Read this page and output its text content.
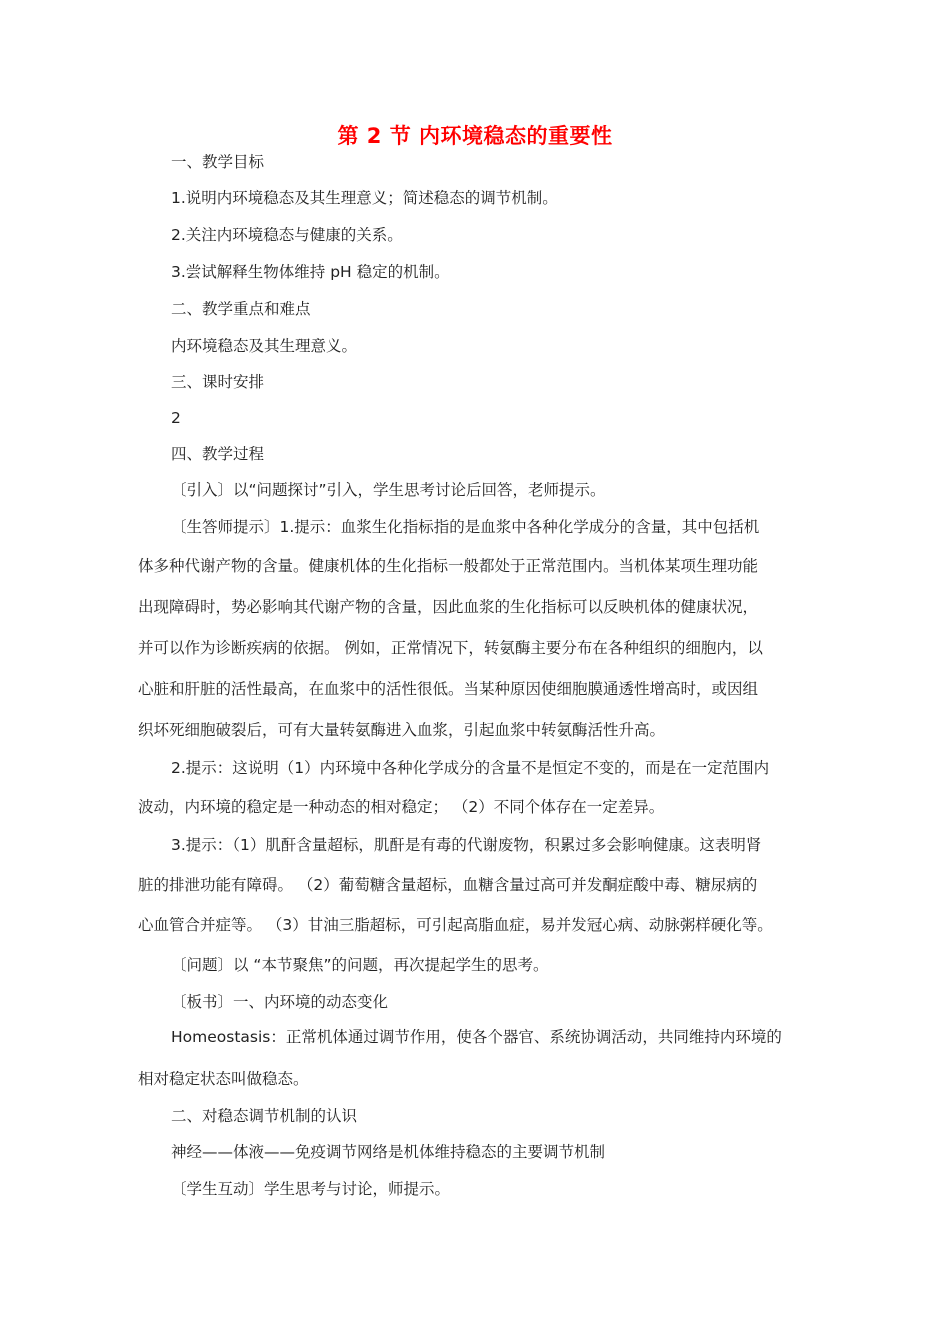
第 2 节 内环境稳态的重要性
一、教学目标
1.说明内环境稳态及其生理意义；简述稳态的调节机制。
2.关注内环境稳态与健康的关系。
3.尝试解释生物体维持 pH 稳定的机制。
二、教学重点和难点
内环境稳态及其生理意义。
三、课时安排
2
四、教学过程
〔引入〕以“问题探讨”引入，学生思考讨论后回答，老师提示。
〔生答师提示〕1.提示：血浆生化指标指的是血浆中各种化学成分的含量，其中包括机
体多种代谢产物的含量。健康机体的生化指标一般都处于正常范围内。当机体某项生理功能
出现障碍时，势必影响其代谢产物的含量，因此血浆的生化指标可以反映机体的健康状况，
并可以作为诊断疾病的依据。 例如，正常情况下，转氨酶主要分布在各种组织的细胞内，以
心脏和肝脏的活性最高，在血浆中的活性很低。当某种原因使细胞膜通透性增高时，或因组
织坏死细胞破裂后，可有大量转氨酶进入血浆，引起血浆中转氨酶活性升高。
2.提示：这说明（1）内环境中各种化学成分的含量不是恒定不变的，而是在一定范围内
波动，内环境的稳定是一种动态的相对稳定； （2）不同个体存在一定差异。
3.提示：（1）肌酐含量超标，肌酐是有毒的代谢废物，积累过多会影响健康。这表明肾
脏的排泄功能有障碍。 （2）葡萄糖含量超标，血糖含量过高可并发酮症酸中毒、糖尿病的
心血管合并症等。 （3）甘油三脂超标，可引起高脂血症，易并发冠心病、动脉粥样硬化等。
〔问题〕以 “本节聚焦”的问题，再次提起学生的思考。
〔板书〕一、内环境的动态变化
Homeostasis：正常机体通过调节作用，使各个器官、系统协调活动，共同维持内环境的
相对稳定状态叫做稳态。
二、对稳态调节机制的认识
神经——体液——免疫调节网络是机体维持稳态的主要调节机制
〔学生互动〕学生思考与讨论，师提示。
